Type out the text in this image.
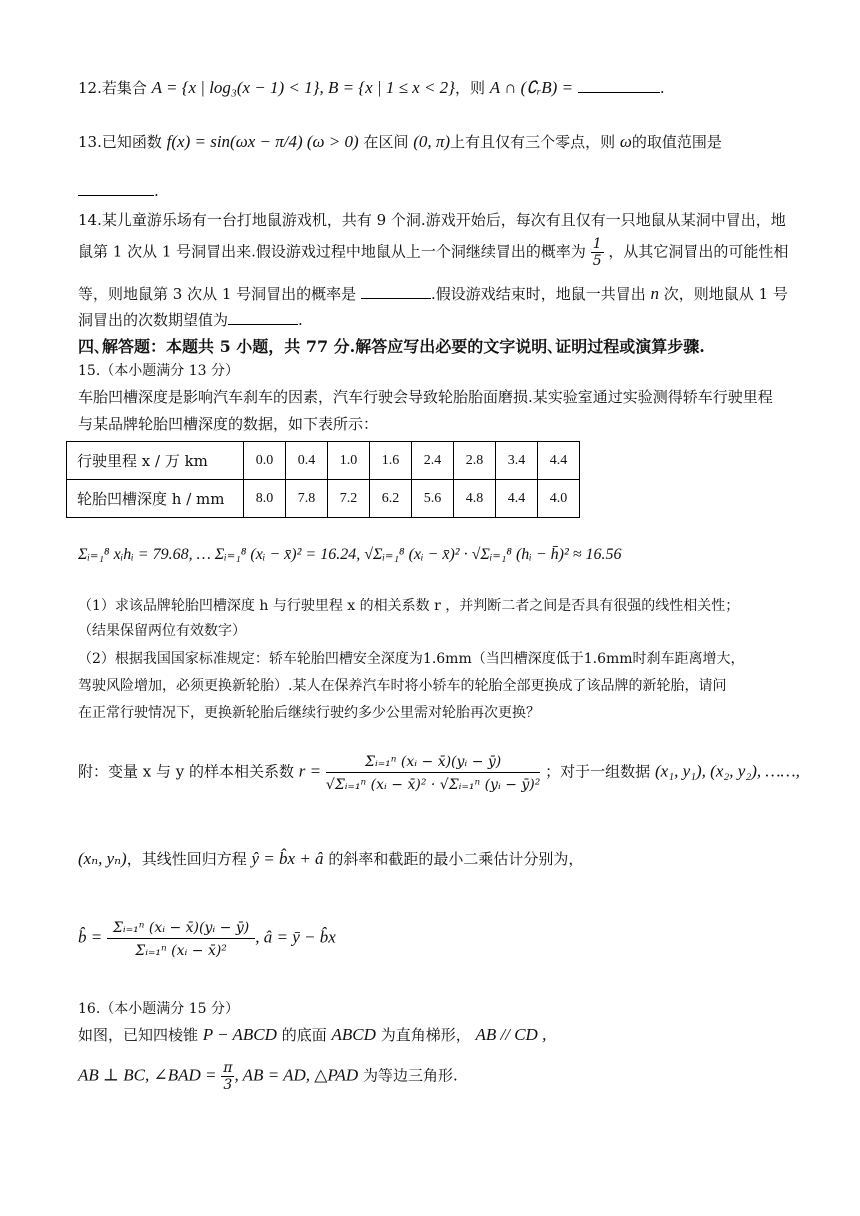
12.若集合 A = {x | log₃(x − 1) < 1}, B = {x | 1 ≤ x < 2}，则 A ∩ (∁ᵣB) =	.
13.已知函数 f(x) = sin(ωx − π/4) (ω > 0) 在区间 (0, π)上有且仅有三个零点，则 ω的取值范围是
.
14.某儿童游乐场有一台打地鼠游戏机，共有 9 个洞.游戏开始后，每次有且仅有一只地鼠从某洞中冒出，地
鼠第 1 次从 1 号洞冒出来.假设游戏过程中地鼠从上一个洞继续冒出的概率为 $\frac{1}{5}$ ，从其它洞冒出的可能性相
等，则地鼠第 3 次从 1 号洞冒出的概率是	.假设游戏结束时，地鼠一共冒出 n 次，则地鼠从 1 号
洞冒出的次数期望值为	.
四､解答题：本题共 5 小题，共 77 分.解答应写出必要的文字说明､证明过程或演算步骤.
15.（本小题满分 13 分）
车胎凹槽深度是影响汽车刹车的因素，汽车行驶会导致轮胎胎面磨损.某实验室通过实验测得轿车行驶里程
与某品牌轮胎凹槽深度的数据，如下表所示：
行驶里程 x / 万 km	0.0	0.4	1.0	1.6	2.4	2.8	3.4	4.4
轮胎凹槽深度 h / mm	8.0	7.8	7.2	6.2	5.6	4.8	4.4	4.0
Σᵢ₌₁⁸ xᵢhᵢ = 79.68, … Σᵢ₌₁⁸ (xᵢ − x̄)² = 16.24, √Σᵢ₌₁⁸ (xᵢ − x̄)² · √Σᵢ₌₁⁸ (hᵢ − h̄)² ≈ 16.56
（1）求该品牌轮胎凹槽深度 h 与行驶里程 x 的相关系数 r ，并判断二者之间是否具有很强的线性相关性；
（结果保留两位有效数字）
（2）根据我国国家标准规定：轿车轮胎凹槽安全深度为1.6mm（当凹槽深度低于1.6mm时刹车距离增大，
驾驶风险增加，必须更换新轮胎）.某人在保养汽车时将小轿车的轮胎全部更换成了该品牌的新轮胎，请问
在正常行驶情况下，更换新轮胎后继续行驶约多少公里需对轮胎再次更换？
附：变量 x 与 y 的样本相关系数 $r = \frac{\text{Σᵢ₌₁ⁿ (xᵢ − x̄)(yᵢ − ȳ)}}{\text{√Σᵢ₌₁ⁿ (xᵢ − x̄)² · √Σᵢ₌₁ⁿ (yᵢ − ȳ)²}}$ ；对于一组数据 (x₁, y₁), (x₂, y₂), ……,
(xₙ, yₙ)，其线性回归方程 ŷ = b̂x + â 的斜率和截距的最小二乘估计分别为，
b̂ = $\frac{\text{Σᵢ₌₁ⁿ (xᵢ − x̄)(yᵢ − ȳ)}}{\text{Σᵢ₌₁ⁿ (xᵢ − x̄)²}}$ , â = ȳ − b̂x
16.（本小题满分 15 分）
如图，已知四棱锥 P − ABCD 的底面 ABCD 为直角梯形， AB // CD ,
AB ⊥ BC, ∠BAD = $\frac{\pi}{3}$ , AB = AD, △PAD 为等边三角形.
